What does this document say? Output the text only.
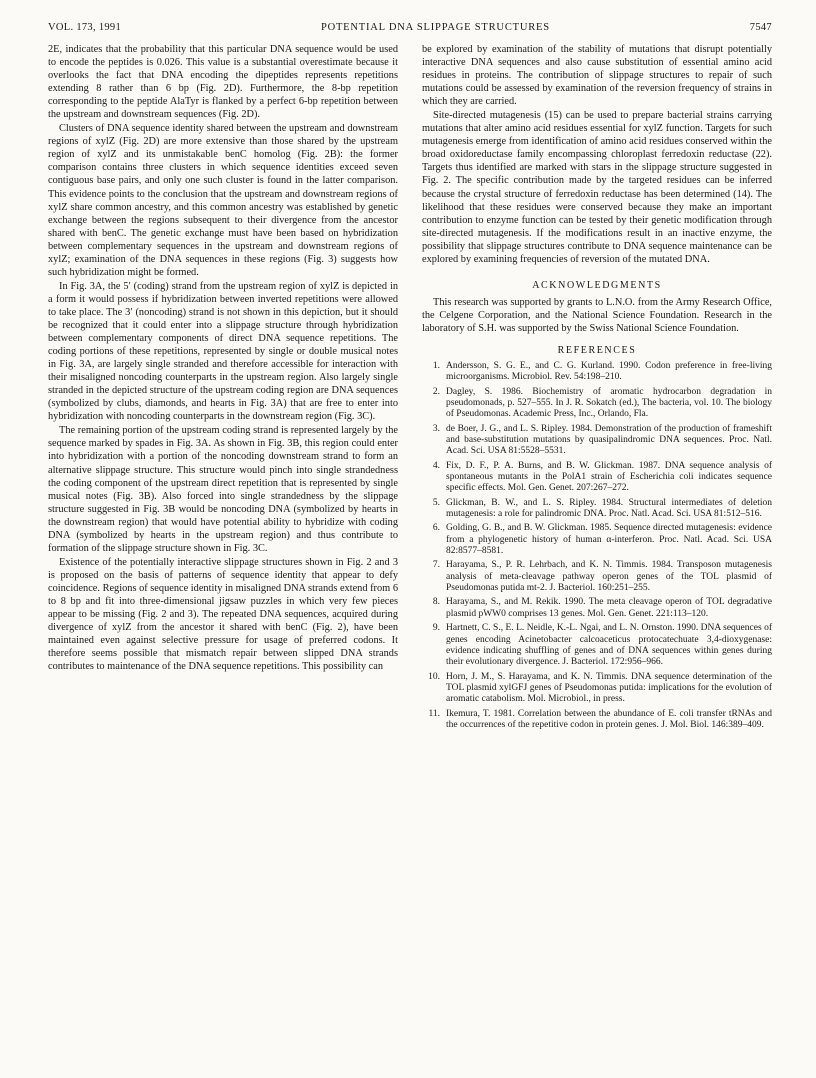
VOL. 173, 1991	POTENTIAL DNA SLIPPAGE STRUCTURES	7547

2E, indicates that the probability that this particular DNA sequence would be used to encode the peptides is 0.026. This value is a substantial overestimate because it overlooks the fact that DNA encoding the dipeptides represents repetitions extending 8 rather than 6 bp (Fig. 2D). Furthermore, the 8-bp repetition corresponding to the peptide AlaTyr is flanked by a perfect 6-bp repetition between the upstream and downstream sequences (Fig. 2D).

Clusters of DNA sequence identity shared between the upstream and downstream regions of xylZ (Fig. 2D) are more extensive than those shared by the upstream region of xylZ and its unmistakable benC homolog (Fig. 2B): the former comparison contains three clusters in which sequence identities exceed seven contiguous base pairs, and only one such cluster is found in the latter comparison. This evidence points to the conclusion that the upstream and downstream regions of xylZ share common ancestry, and this common ancestry was established by genetic exchange between the regions subsequent to their divergence from the ancestor shared with benC. The genetic exchange must have been based on hybridization between complementary sequences in the upstream and downstream regions of xylZ; examination of the DNA sequences in these regions (Fig. 3) suggests how such hybridization might be formed.

In Fig. 3A, the 5′ (coding) strand from the upstream region of xylZ is depicted in a form it would possess if hybridization between inverted repetitions were allowed to take place. The 3′ (noncoding) strand is not shown in this depiction, but it should be recognized that it could enter into a slippage structure through hybridization between complementary components of direct DNA sequence repetitions. The coding portions of these repetitions, represented by single or double musical notes in Fig. 3A, are largely single stranded and therefore accessible for interaction with their misaligned noncoding counterparts in the upstream region. Also largely single stranded in the depicted structure of the upstream coding region are DNA sequences (symbolized by clubs, diamonds, and hearts in Fig. 3A) that are free to enter into hybridization with noncoding counterparts in the downstream region (Fig. 3C).

The remaining portion of the upstream coding strand is represented largely by the sequence marked by spades in Fig. 3A. As shown in Fig. 3B, this region could enter into hybridization with a portion of the noncoding downstream strand to form an alternative slippage structure. This structure would pinch into single strandedness the coding component of the upstream direct repetition that is represented by single musical notes (Fig. 3B). Also forced into single strandedness by the slippage structure suggested in Fig. 3B would be noncoding DNA (symbolized by hearts in the downstream region) that would have potential ability to hybridize with coding DNA (symbolized by hearts in the upstream region) and thus contribute to formation of the slippage structure shown in Fig. 3C.

Existence of the potentially interactive slippage structures shown in Fig. 2 and 3 is proposed on the basis of patterns of sequence identity that appear to defy coincidence. Regions of sequence identity in misaligned DNA strands extend from 6 to 8 bp and fit into three-dimensional jigsaw puzzles in which very few pieces appear to be missing (Fig. 2 and 3). The repeated DNA sequences, acquired during divergence of xylZ from the ancestor it shared with benC (Fig. 2), have been maintained even against selective pressure for usage of preferred codons. It therefore seems possible that mismatch repair between slipped DNA strands contributes to maintenance of the DNA sequence repetitions. This possibility can

be explored by examination of the stability of mutations that disrupt potentially interactive DNA sequences and also cause substitution of essential amino acid residues in proteins. The contribution of slippage structures to repair of such mutations could be assessed by examination of the reversion frequency of strains in which they are carried.

Site-directed mutagenesis (15) can be used to prepare bacterial strains carrying mutations that alter amino acid residues essential for xylZ function. Targets for such mutagenesis emerge from identification of amino acid residues conserved within the broad oxidoreductase family encompassing chloroplast ferredoxin reductase (22). Targets thus identified are marked with stars in the slippage structure suggested in Fig. 2. The specific contribution made by the targeted residues can be inferred because the crystal structure of ferredoxin reductase has been determined (14). The likelihood that these residues were conserved because they make an important contribution to enzyme function can be tested by their genetic modification through site-directed mutagenesis. If the modifications result in an inactive enzyme, the possibility that slippage structures contribute to DNA sequence maintenance can be explored by examining frequencies of reversion of the mutated DNA.

ACKNOWLEDGMENTS

This research was supported by grants to L.N.O. from the Army Research Office, the Celgene Corporation, and the National Science Foundation. Research in the laboratory of S.H. was supported by the Swiss National Science Foundation.

REFERENCES
1. Andersson, S. G. E., and C. G. Kurland. 1990. Codon preference in free-living microorganisms. Microbiol. Rev. 54:198–210.
2. Dagley, S. 1986. Biochemistry of aromatic hydrocarbon degradation in pseudomonads, p. 527–555. In J. R. Sokatch (ed.), The bacteria, vol. 10. The biology of Pseudomonas. Academic Press, Inc., Orlando, Fla.
3. de Boer, J. G., and L. S. Ripley. 1984. Demonstration of the production of frameshift and base-substitution mutations by quasipalindromic DNA sequences. Proc. Natl. Acad. Sci. USA 81:5528–5531.
4. Fix, D. F., P. A. Burns, and B. W. Glickman. 1987. DNA sequence analysis of spontaneous mutants in the PolA1 strain of Escherichia coli indicates sequence specific effects. Mol. Gen. Genet. 207:267–272.
5. Glickman, B. W., and L. S. Ripley. 1984. Structural intermediates of deletion mutagenesis: a role for palindromic DNA. Proc. Natl. Acad. Sci. USA 81:512–516.
6. Golding, G. B., and B. W. Glickman. 1985. Sequence directed mutagenesis: evidence from a phylogenetic history of human α-interferon. Proc. Natl. Acad. Sci. USA 82:8577–8581.
7. Harayama, S., P. R. Lehrbach, and K. N. Timmis. 1984. Transposon mutagenesis analysis of meta-cleavage pathway operon genes of the TOL plasmid of Pseudomonas putida mt-2. J. Bacteriol. 160:251–255.
8. Harayama, S., and M. Rekik. 1990. The meta cleavage operon of TOL degradative plasmid pWW0 comprises 13 genes. Mol. Gen. Genet. 221:113–120.
9. Hartnett, C. S., E. L. Neidle, K.-L. Ngai, and L. N. Ornston. 1990. DNA sequences of genes encoding Acinetobacter calcoaceticus protocatechuate 3,4-dioxygenase: evidence indicating shuffling of genes and of DNA sequences within genes during their evolutionary divergence. J. Bacteriol. 172:956–966.
10. Horn, J. M., S. Harayama, and K. N. Timmis. DNA sequence determination of the TOL plasmid xylGFJ genes of Pseudomonas putida: implications for the evolution of aromatic catabolism. Mol. Microbiol., in press.
11. Ikemura, T. 1981. Correlation between the abundance of E. coli transfer tRNAs and the occurrences of the repetitive codon in protein genes. J. Mol. Biol. 146:389–409.
